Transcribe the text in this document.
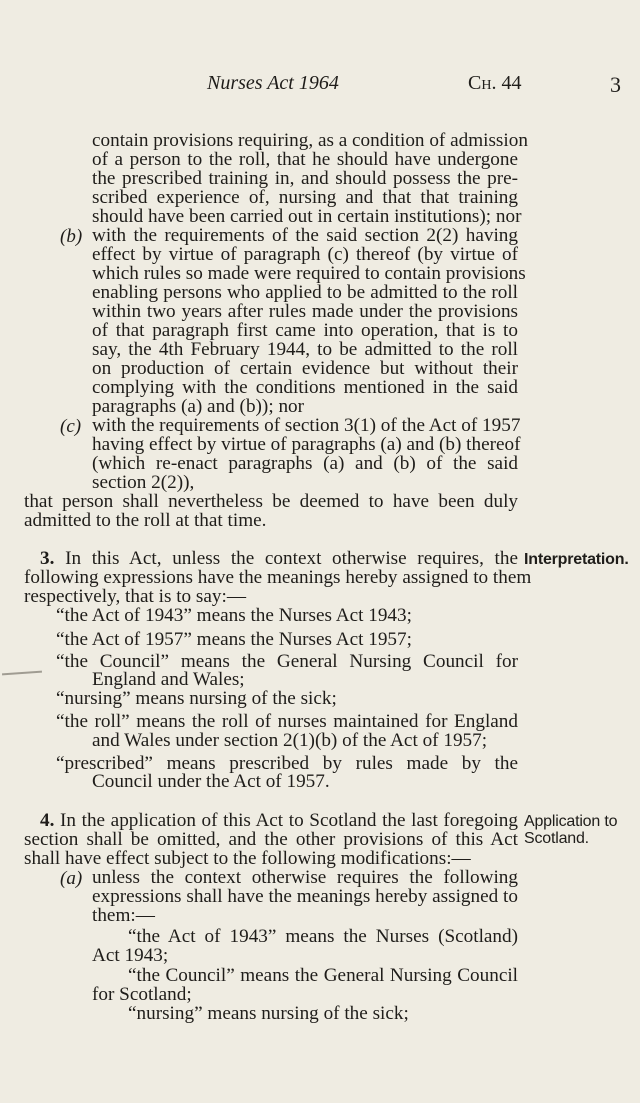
Nurses Act 1964	Ch. 44	3
contain provisions requiring, as a condition of admission
of a person to the roll, that he should have undergone
the prescribed training in, and should possess the pre-
scribed experience of, nursing and that that training
should have been carried out in certain institutions); nor
(b) with the requirements of the said section 2(2) having
effect by virtue of paragraph (c) thereof (by virtue of
which rules so made were required to contain provisions
enabling persons who applied to be admitted to the roll
within two years after rules made under the provisions
of that paragraph first came into operation, that is to
say, the 4th February 1944, to be admitted to the roll
on production of certain evidence but without their
complying with the conditions mentioned in the said
paragraphs (a) and (b)); nor
(c) with the requirements of section 3(1) of the Act of 1957
having effect by virtue of paragraphs (a) and (b) thereof
(which re-enact paragraphs (a) and (b) of the said
section 2(2)),
that person shall nevertheless be deemed to have been duly
admitted to the roll at that time.
3. In this Act, unless the context otherwise requires, the Interpretation.
following expressions have the meanings hereby assigned to them
respectively, that is to say:—
“the Act of 1943” means the Nurses Act 1943;
“the Act of 1957” means the Nurses Act 1957;
“the Council” means the General Nursing Council for
England and Wales;
“nursing” means nursing of the sick;
“the roll” means the roll of nurses maintained for England
and Wales under section 2(1)(b) of the Act of 1957;
“prescribed” means prescribed by rules made by the
Council under the Act of 1957.
4. In the application of this Act to Scotland the last foregoing Application to
Scotland.
section shall be omitted, and the other provisions of this Act
shall have effect subject to the following modifications:—
(a) unless the context otherwise requires the following
expressions shall have the meanings hereby assigned to
them:—
“the Act of 1943” means the Nurses (Scotland)
Act 1943;
“the Council” means the General Nursing Council
for Scotland;
“nursing” means nursing of the sick;
